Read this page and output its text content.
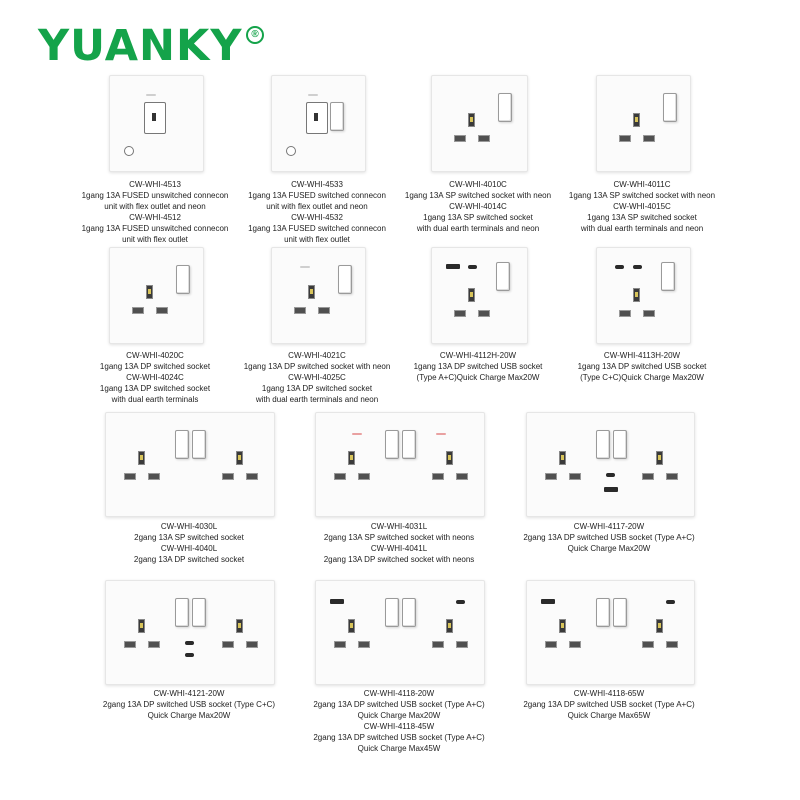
YUANKY ®
CW-WHI-4513
1gang 13A FUSED unswitched connecon
unit with flex outlet and neon
CW-WHI-4512
1gang 13A FUSED unswitched connecon
unit with flex outlet
CW-WHI-4533
1gang 13A FUSED switched connecon
unit with flex outlet and neon
CW-WHI-4532
1gang 13A FUSED switched connecon
unit with flex outlet
CW-WHI-4010C
1gang 13A SP switched socket with neon
CW-WHI-4014C
1gang 13A SP switched socket
with dual earth terminals and neon
CW-WHI-4011C
1gang 13A SP switched socket with neon
CW-WHI-4015C
1gang 13A SP switched socket
with dual earth terminals and neon
CW-WHI-4020C
1gang 13A DP switched socket
CW-WHI-4024C
1gang 13A DP switched socket
with dual earth terminals
CW-WHI-4021C
1gang 13A DP switched socket with neon
CW-WHI-4025C
1gang 13A DP switched socket
with dual earth terminals and neon
CW-WHI-4112H-20W
1gang 13A DP switched USB socket
(Type A+C)Quick Charge Max20W
CW-WHI-4113H-20W
1gang 13A DP switched USB socket
(Type C+C)Quick Charge Max20W
CW-WHI-4030L
2gang 13A SP switched socket
CW-WHI-4040L
2gang 13A DP switched socket
CW-WHI-4031L
2gang 13A SP switched socket with neons
CW-WHI-4041L
2gang 13A DP switched socket with neons
CW-WHI-4117-20W
2gang 13A DP switched USB socket (Type A+C)
Quick Charge Max20W
CW-WHI-4121-20W
2gang 13A DP switched USB socket (Type C+C)
Quick Charge Max20W
CW-WHI-4118-20W
2gang 13A DP switched USB socket (Type A+C)
Quick Charge Max20W
CW-WHI-4118-45W
2gang 13A DP switched USB socket (Type A+C)
Quick Charge Max45W
CW-WHI-4118-65W
2gang 13A DP switched USB socket (Type A+C)
Quick Charge Max65W
